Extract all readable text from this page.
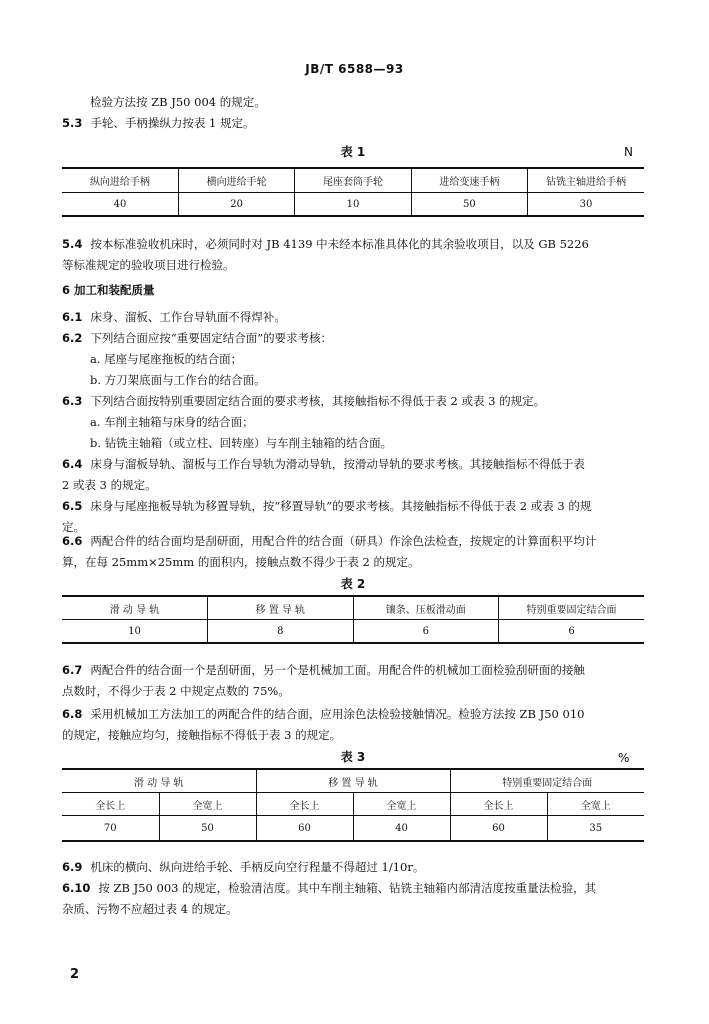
JB/T 6588—93
检验方法按 ZB J50 004 的规定。
5.3 手轮、手柄操纵力按表 1 规定。
表 1	N
纵向进给手柄	横向进给手轮	尾座套筒手轮	进给变速手柄	钻铣主轴进给手柄
40	20	10	50	30
5.4 按本标准验收机床时，必须同时对 JB 4139 中未经本标准具体化的其余验收项目，以及 GB 5226
等标准规定的验收项目进行检验。
6 加工和装配质量
6.1 床身、溜板、工作台导轨面不得焊补。
6.2 下列结合面应按“重要固定结合面”的要求考核：
a. 尾座与尾座拖板的结合面；
b. 方刀架底面与工作台的结合面。
6.3 下列结合面按特别重要固定结合面的要求考核，其接触指标不得低于表 2 或表 3 的规定。
a. 车削主轴箱与床身的结合面；
b. 钻铣主轴箱（或立柱、回转座）与车削主轴箱的结合面。
6.4 床身与溜板导轨、溜板与工作台导轨为滑动导轨，按滑动导轨的要求考核。其接触指标不得低于表
2 或表 3 的规定。
6.5 床身与尾座拖板导轨为移置导轨，按“移置导轨”的要求考核。其接触指标不得低于表 2 或表 3 的规
定。
6.6 两配合件的结合面均是刮研面，用配合件的结合面（研具）作涂色法检查，按规定的计算面积平均计
算，在每 25mm×25mm 的面积内，接触点数不得少于表 2 的规定。
表 2
滑 动 导 轨	移 置 导 轨	镶条、压板滑动面	特别重要固定结合面
10	8	6	6
6.7 两配合件的结合面一个是刮研面，另一个是机械加工面。用配合件的机械加工面检验刮研面的接触
点数时，不得少于表 2 中规定点数的 75%。
6.8 采用机械加工方法加工的两配合件的结合面，应用涂色法检验接触情况。检验方法按 ZB J50 010
的规定，接触应均匀，接触指标不得低于表 3 的规定。
表 3	%
滑 动 导 轨		移 置 导 轨		特别重要固定结合面	
全长上	全宽上	全长上	全宽上	全长上	全宽上
70	50	60	40	60	35
6.9 机床的横向、纵向进给手轮、手柄反向空行程量不得超过 1/10r。
6.10 按 ZB J50 003 的规定，检验清洁度。其中车削主轴箱、钻铣主轴箱内部清洁度按重量法检验，其
杂质、污物不应超过表 4 的规定。
2
